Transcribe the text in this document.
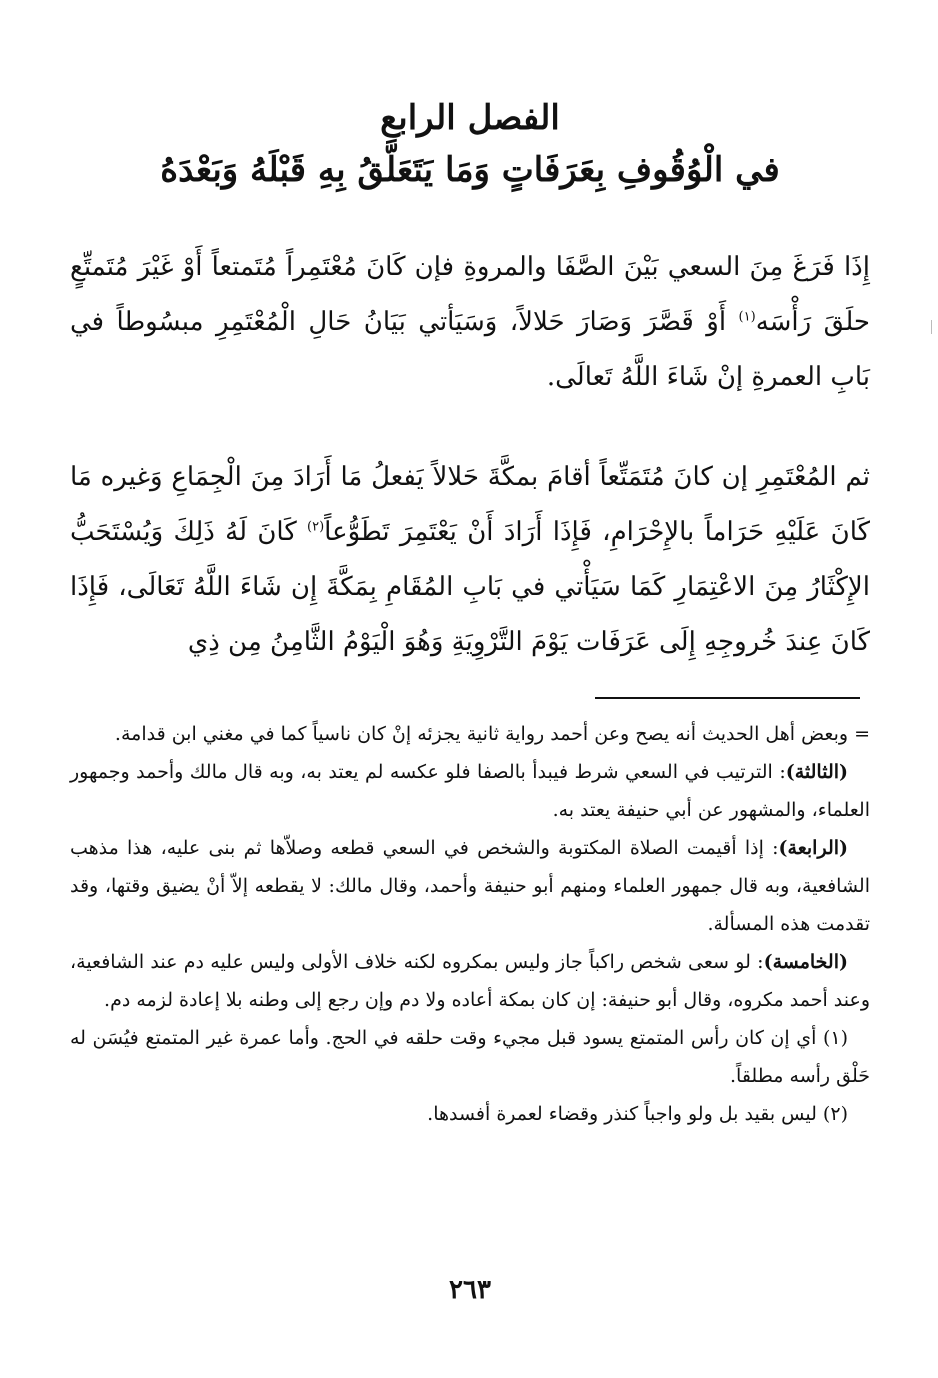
الفصل الرابع
في الْوُقُوفِ بِعَرَفَاتٍ وَمَا يَتَعَلَّقُ بِهِ قَبْلَهُ وَبَعْدَهُ

إِذَا فَرَغَ مِنَ السعي بَيْنَ الصَّفَا والمروةِ فإن كَانَ مُعْتَمِراً مُتَمتعاً أَوْ غَيْرَ مُتَمتِّعٍ حلَقَ رَأْسَه$^{(١)}$ أَوْ قَصَّرَ وَصَارَ حَلالاً، وَسَيَأتي بَيَانُ حَالِ الْمُعْتَمِرِ مبسُوطاً في بَابِ العمرةِ إنْ شَاءَ اللَّهُ تَعالَى.

ثم المُعْتَمِرِ إن كانَ مُتَمَتِّعاً أقامَ بمكَّةَ حَلالاً يَفعلُ مَا أَرَادَ مِنَ الْجِمَاعِ وَغيره مَا كَانَ عَلَيْهِ حَرَاماً بالإِحْرَامِ، فَإِذَا أَرَادَ أَنْ يَعْتَمِرَ تَطَوُّعاً$^{(٢)}$ كَانَ لَهُ ذَلِكَ وَيُسْتَحَبُّ الإِكْثَارُ مِنَ الاعْتِمَارِ كَمَا سَيَأْتي في بَابِ المُقَامِ بِمَكَّةَ إِن شَاءَ اللَّهُ تَعَالَى، فَإِذَا كَانَ عِندَ خُروجِهِ إِلَى عَرَفَات يَوْمَ التَّرْوِيَةِ وَهُوَ الْيَوْمُ الثَّامِنُ مِن ذِي

= وبعض أهل الحديث أنه يصح وعن أحمد رواية ثانية يجزئه إنْ كان ناسياً كما في مغني ابن قدامة.

(الثالثة): الترتيب في السعي شرط فيبدأ بالصفا فلو عكسه لم يعتد به، وبه قال مالك وأحمد وجمهور العلماء، والمشهور عن أبي حنيفة يعتد به.

(الرابعة): إذا أقيمت الصلاة المكتوبة والشخص في السعي قطعه وصلاّها ثم بنى عليه، هذا مذهب الشافعية، وبه قال جمهور العلماء ومنهم أبو حنيفة وأحمد، وقال مالك: لا يقطعه إلاّ أنْ يضيق وقتها، وقد تقدمت هذه المسألة.

(الخامسة): لو سعى شخص راكباً جاز وليس بمكروه لكنه خلاف الأولى وليس عليه دم عند الشافعية، وعند أحمد مكروه، وقال أبو حنيفة: إن كان بمكة أعاده ولا دم وإن رجع إلى وطنه بلا إعادة لزمه دم.

(١) أي إن كان رأس المتمتع يسود قبل مجيء وقت حلقه في الحج. وأما عمرة غير المتمتع فيُسَن له حَلْق رأسه مطلقاً.

(٢) ليس بقيد بل ولو واجباً كنذر وقضاء لعمرة أفسدها.

٢٦٣
